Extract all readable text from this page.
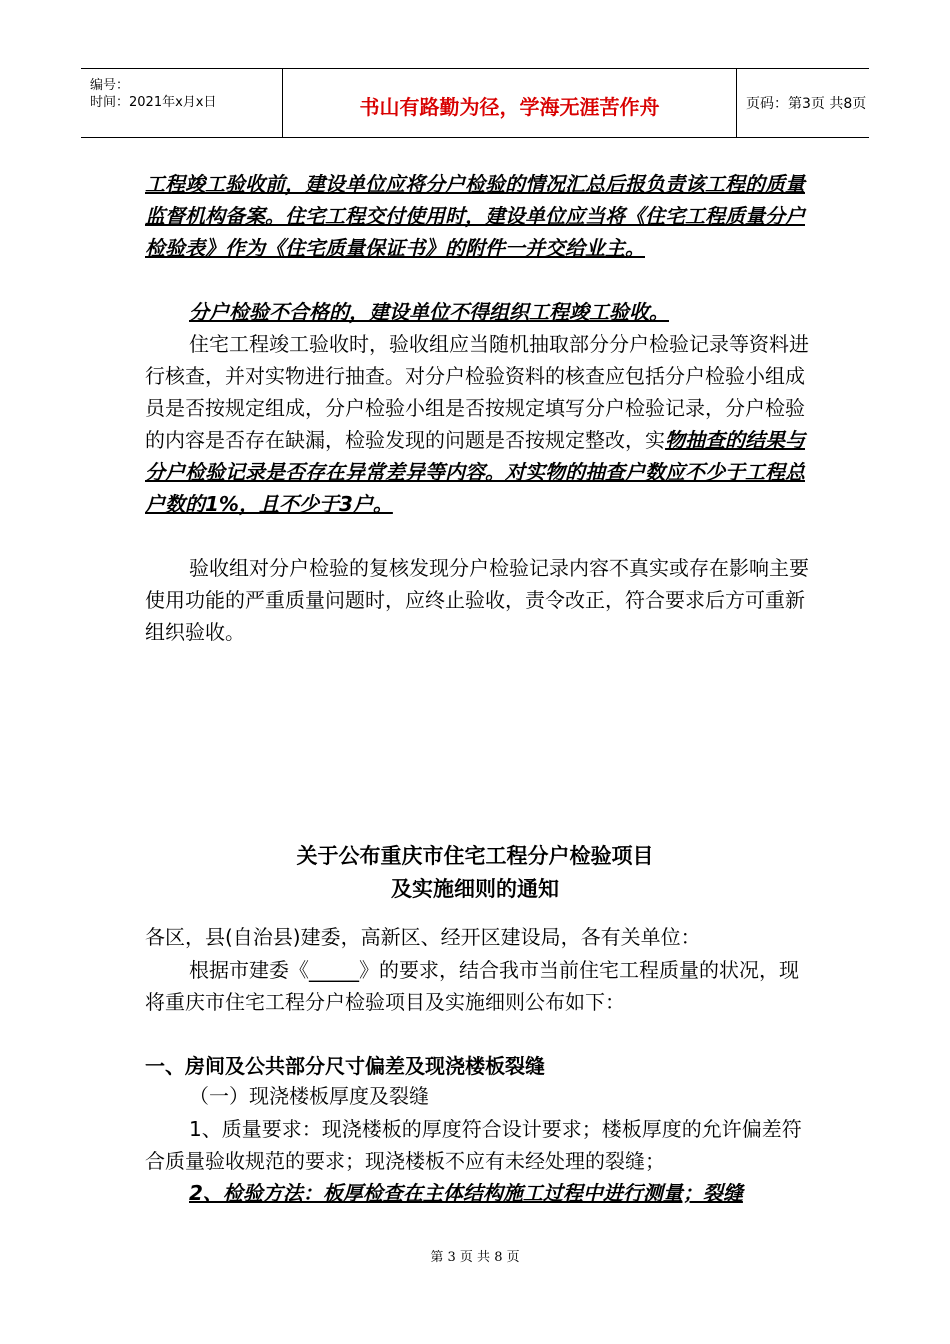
编号：
时间：2021年x月x日	书山有路勤为径，学海无涯苦作舟	页码：第3页 共8页

工程竣工验收前，建设单位应将分户检验的情况汇总后报负责该工程的质量监督机构备案。住宅工程交付使用时，建设单位应当将《住宅工程质量分户检验表》作为《住宅质量保证书》的附件一并交给业主。

分户检验不合格的，建设单位不得组织工程竣工验收。

住宅工程竣工验收时，验收组应当随机抽取部分分户检验记录等资料进行核查，并对实物进行抽查。对分户检验资料的核查应包括分户检验小组成员是否按规定组成，分户检验小组是否按规定填写分户检验记录，分户检验的内容是否存在缺漏，检验发现的问题是否按规定整改，实物抽查的结果与分户检验记录是否存在异常差异等内容。对实物的抽查户数应不少于工程总户数的1%，且不少于3户。

验收组对分户检验的复核发现分户检验记录内容不真实或存在影响主要使用功能的严重质量问题时，应终止验收，责令改正，符合要求后方可重新组织验收。

关于公布重庆市住宅工程分户检验项目
及实施细则的通知

各区，县(自治县)建委，高新区、经开区建设局，各有关单位：

根据市建委《_____》的要求，结合我市当前住宅工程质量的状况，现将重庆市住宅工程分户检验项目及实施细则公布如下：

一、房间及公共部分尺寸偏差及现浇楼板裂缝

（一）现浇楼板厚度及裂缝

1、质量要求：现浇楼板的厚度符合设计要求；楼板厚度的允许偏差符合质量验收规范的要求；现浇楼板不应有未经处理的裂缝；

2、检验方法：板厚检查在主体结构施工过程中进行测量；裂缝

第 3 页 共 8 页
